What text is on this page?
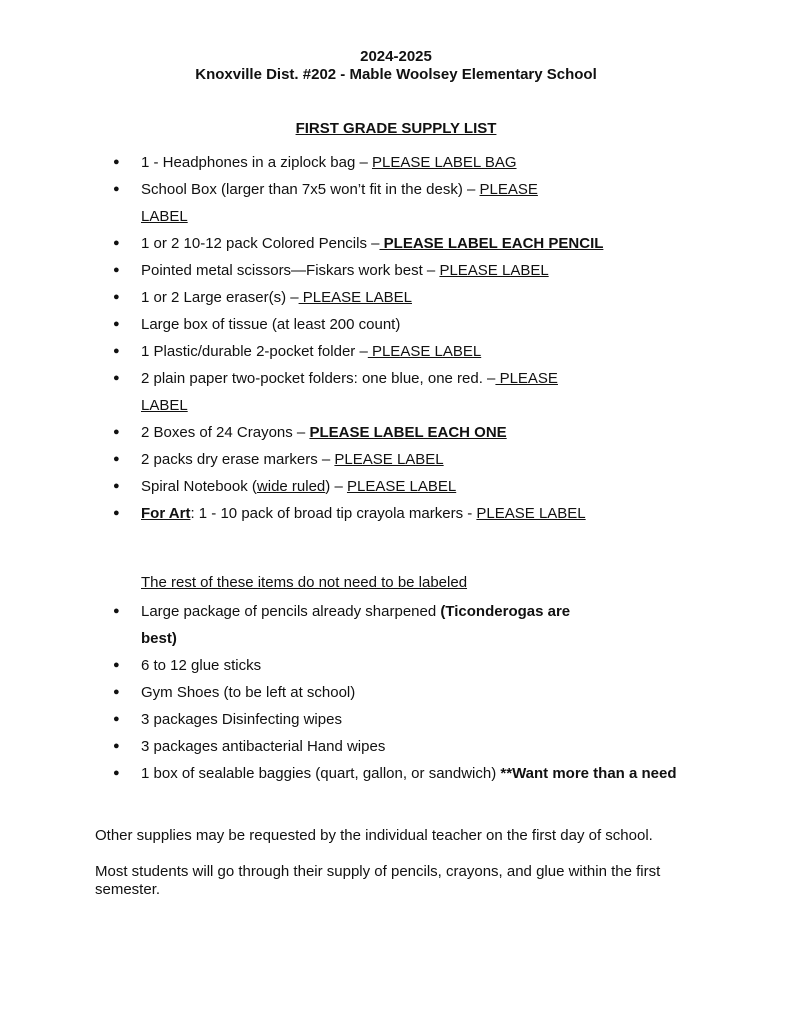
2024-2025
Knoxville Dist. #202 - Mable Woolsey Elementary School
FIRST GRADE SUPPLY LIST
● 1 - Headphones in a ziplock bag – PLEASE LABEL BAG
● School Box (larger than 7x5 won’t fit in the desk) – PLEASE
LABEL
● 1 or 2 10-12 pack Colored Pencils – PLEASE LABEL EACH PENCIL
● Pointed metal scissors—Fiskars work best – PLEASE LABEL
● 1 or 2 Large eraser(s) – PLEASE LABEL
● Large box of tissue (at least 200 count)
● 1 Plastic/durable 2-pocket folder – PLEASE LABEL
● 2 plain paper two-pocket folders: one blue, one red. – PLEASE
LABEL
● 2 Boxes of 24 Crayons – PLEASE LABEL EACH ONE
● 2 packs dry erase markers – PLEASE LABEL
● Spiral Notebook (wide ruled) – PLEASE LABEL
● For Art: 1 - 10 pack of broad tip crayola markers - PLEASE LABEL
The rest of these items do not need to be labeled
● Large package of pencils already sharpened (Ticonderogas are
best)
● 6 to 12 glue sticks
● Gym Shoes (to be left at school)
● 3 packages Disinfecting wipes
● 3 packages antibacterial Hand wipes
● 1 box of sealable baggies (quart, gallon, or sandwich) **Want more than a need
Other supplies may be requested by the individual teacher on the first day of school.
Most students will go through their supply of pencils, crayons, and glue within the first semester.
